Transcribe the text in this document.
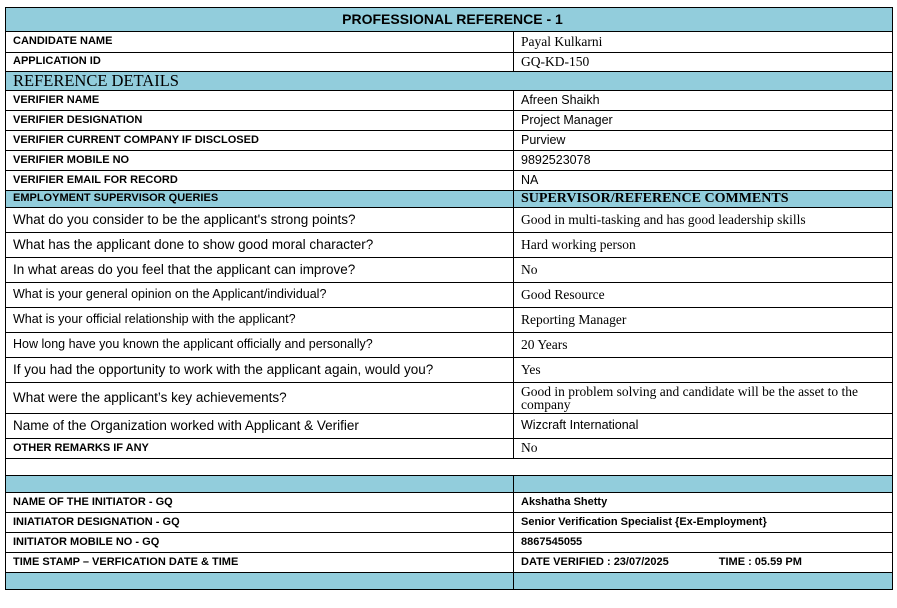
PROFESSIONAL REFERENCE - 1	
CANDIDATE NAME	Payal Kulkarni
APPLICATION ID	GQ-KD-150
REFERENCE DETAILS	
VERIFIER NAME	Afreen Shaikh
VERIFIER DESIGNATION	Project Manager
VERIFIER CURRENT COMPANY IF DISCLOSED	Purview
VERIFIER MOBILE NO	9892523078
VERIFIER EMAIL FOR RECORD	NA
EMPLOYMENT SUPERVISOR QUERIES	SUPERVISOR/REFERENCE COMMENTS
What do you consider to be the applicant's strong points?	Good in multi-tasking and has good leadership skills
What has the applicant done to show good moral character?	Hard working person
In what areas do you feel that the applicant can improve?	No
What is your general opinion on the Applicant/individual?	Good Resource
What is your official relationship with the applicant?	Reporting Manager
How long have you known the applicant officially and personally?	20 Years
If you had the opportunity to work with the applicant again, would you?	Yes
What were the applicant’s key achievements?	Good in problem solving and candidate will be the asset to the company
Name of the Organization worked with Applicant & Verifier	Wizcraft International
OTHER REMARKS IF ANY	No

NAME OF THE INITIATOR - GQ	Akshatha Shetty
INIATIATOR DESIGNATION - GQ	Senior Verification Specialist {Ex-Employment}
INITIATOR MOBILE NO - GQ	8867545055
TIME STAMP – VERFICATION DATE & TIME	DATE VERIFIED : 23/07/2025 TIME : 05.59 PM
